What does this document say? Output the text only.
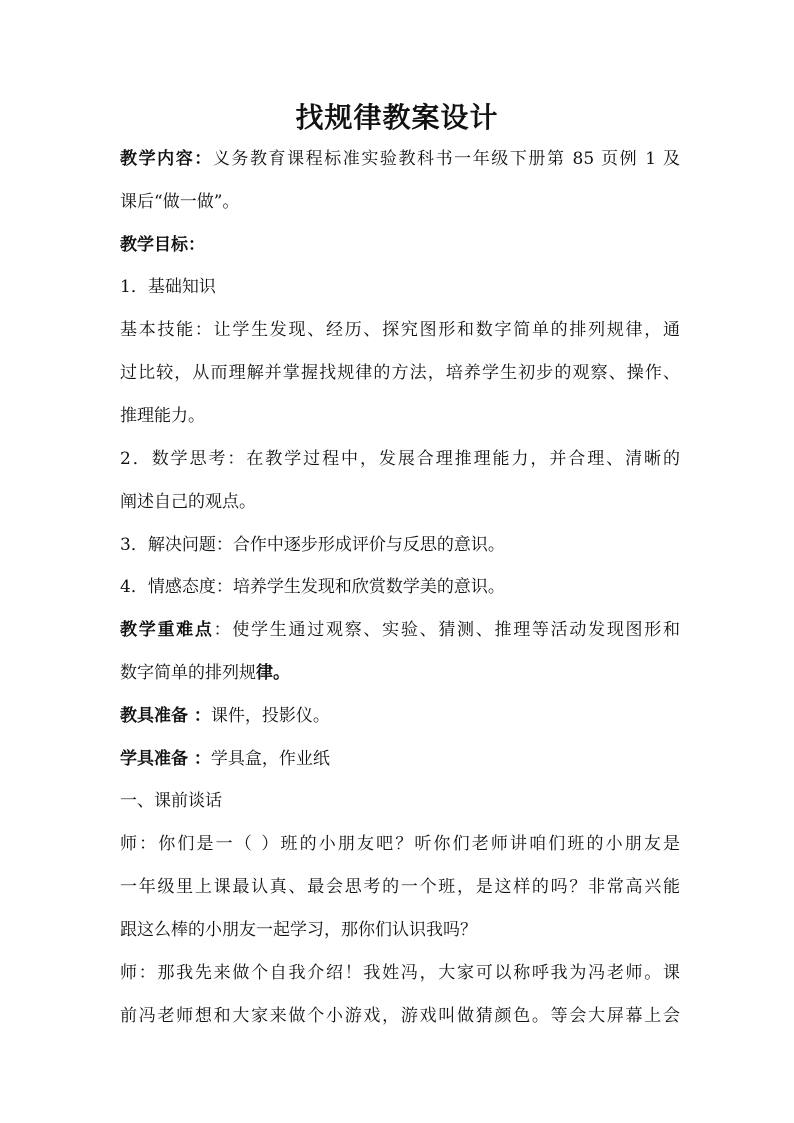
找规律教案设计
教学内容：义务教育课程标准实验教科书一年级下册第 85 页例 1 及
课后“做一做”。
教学目标：
1．基础知识
基本技能：让学生发现、经历、探究图形和数字简单的排列规律，通
过比较，从而理解并掌握找规律的方法，培养学生初步的观察、操作、
推理能力。
2．数学思考：在教学过程中，发展合理推理能力，并合理、清晰的
阐述自己的观点。
3．解决问题：合作中逐步形成评价与反思的意识。
4．情感态度：培养学生发现和欣赏数学美的意识。
教学重难点：使学生通过观察、实验、猜测、推理等活动发现图形和
数字简单的排列规律。
教具准备 ：课件，投影仪。
学具准备 ：学具盒，作业纸
一、课前谈话
师：你们是一（ ）班的小朋友吧？听你们老师讲咱们班的小朋友是
一年级里上课最认真、最会思考的一个班，是这样的吗？非常高兴能
跟这么棒的小朋友一起学习，那你们认识我吗？
师：那我先来做个自我介绍！我姓冯，大家可以称呼我为冯老师。课
前冯老师想和大家来做个小游戏，游戏叫做猜颜色。等会大屏幕上会
